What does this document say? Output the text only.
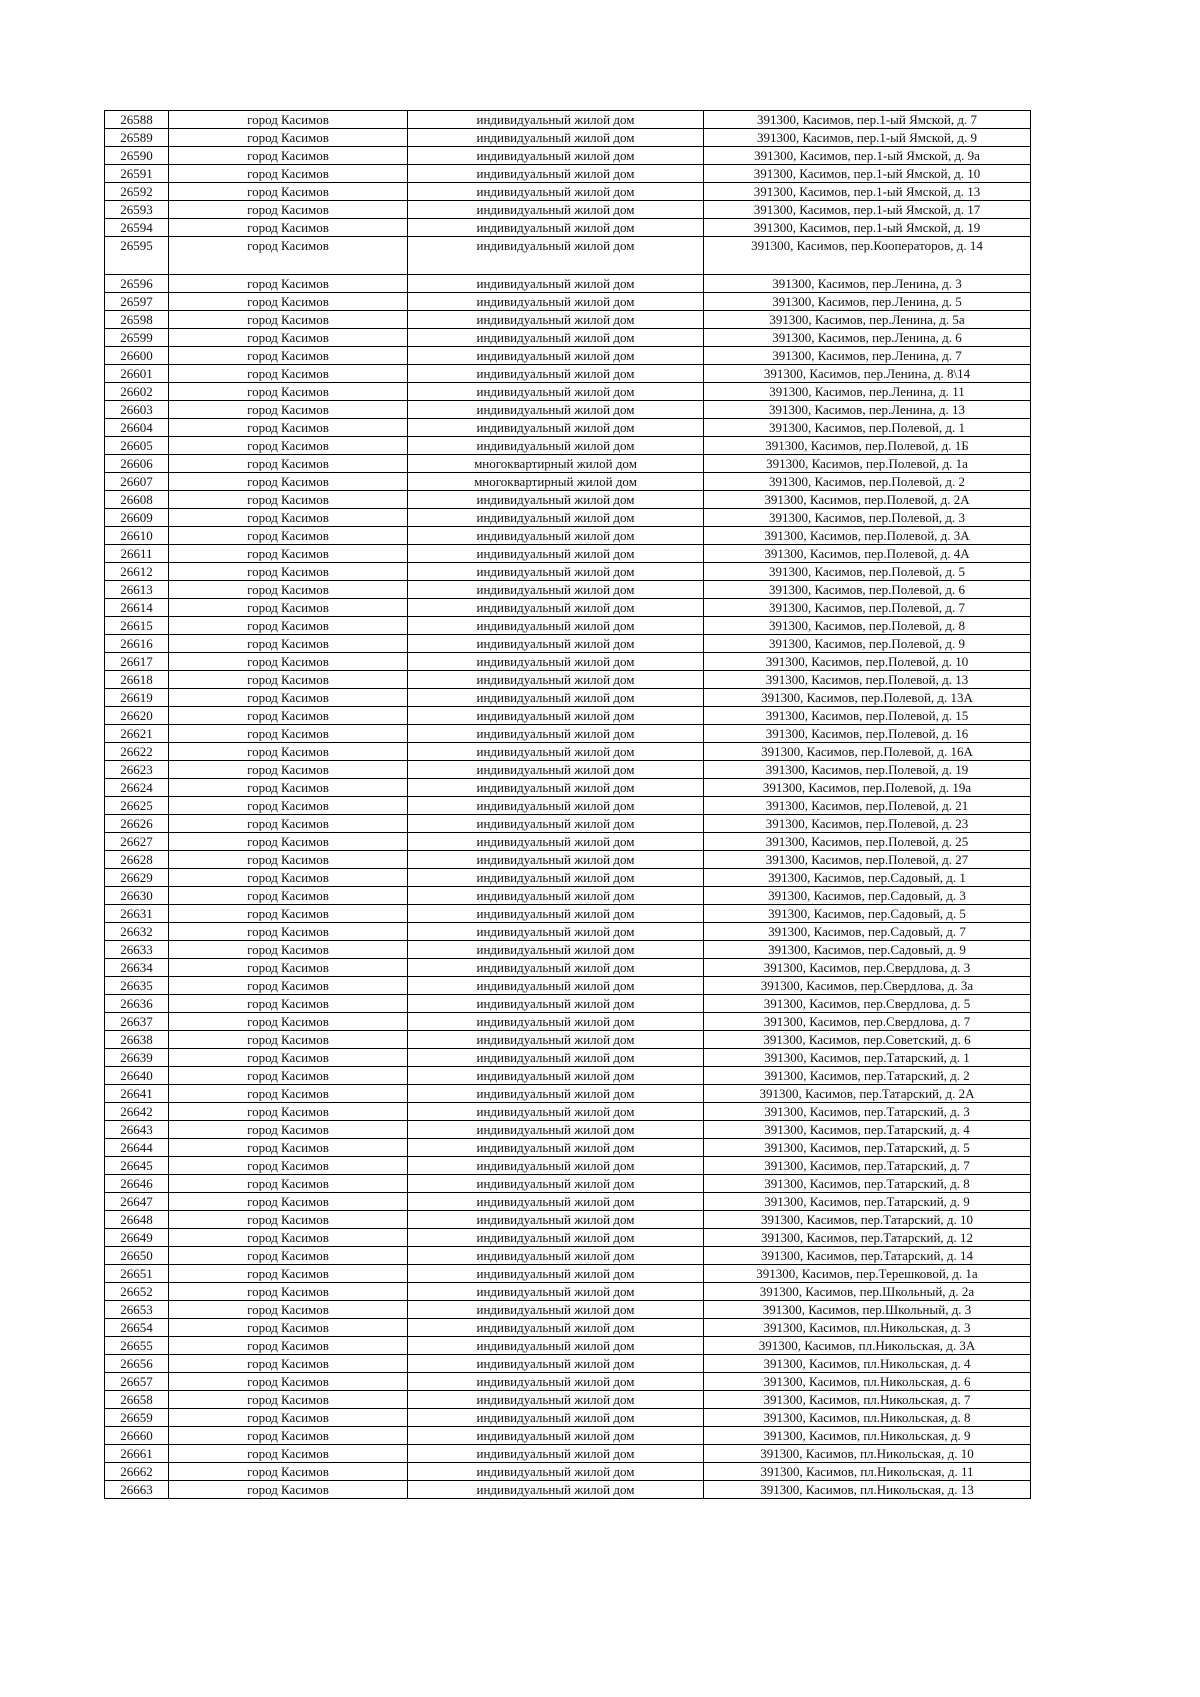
26588	город Касимов	индивидуальный жилой дом	391300, Касимов, пер.1-ый Ямской, д. 7
26589	город Касимов	индивидуальный жилой дом	391300, Касимов, пер.1-ый Ямской, д. 9
26590	город Касимов	индивидуальный жилой дом	391300, Касимов, пер.1-ый Ямской, д. 9а
26591	город Касимов	индивидуальный жилой дом	391300, Касимов, пер.1-ый Ямской, д. 10
26592	город Касимов	индивидуальный жилой дом	391300, Касимов, пер.1-ый Ямской, д. 13
26593	город Касимов	индивидуальный жилой дом	391300, Касимов, пер.1-ый Ямской, д. 17
26594	город Касимов	индивидуальный жилой дом	391300, Касимов, пер.1-ый Ямской, д. 19
26595	город Касимов	индивидуальный жилой дом	391300, Касимов, пер.Кооператоров, д. 14
26596	город Касимов	индивидуальный жилой дом	391300, Касимов, пер.Ленина, д. 3
26597	город Касимов	индивидуальный жилой дом	391300, Касимов, пер.Ленина, д. 5
26598	город Касимов	индивидуальный жилой дом	391300, Касимов, пер.Ленина, д. 5а
26599	город Касимов	индивидуальный жилой дом	391300, Касимов, пер.Ленина, д. 6
26600	город Касимов	индивидуальный жилой дом	391300, Касимов, пер.Ленина, д. 7
26601	город Касимов	индивидуальный жилой дом	391300, Касимов, пер.Ленина, д. 8\14
26602	город Касимов	индивидуальный жилой дом	391300, Касимов, пер.Ленина, д. 11
26603	город Касимов	индивидуальный жилой дом	391300, Касимов, пер.Ленина, д. 13
26604	город Касимов	индивидуальный жилой дом	391300, Касимов, пер.Полевой, д. 1
26605	город Касимов	индивидуальный жилой дом	391300, Касимов, пер.Полевой, д. 1Б
26606	город Касимов	многоквартирный жилой дом	391300, Касимов, пер.Полевой, д. 1а
26607	город Касимов	многоквартирный жилой дом	391300, Касимов, пер.Полевой, д. 2
26608	город Касимов	индивидуальный жилой дом	391300, Касимов, пер.Полевой, д. 2А
26609	город Касимов	индивидуальный жилой дом	391300, Касимов, пер.Полевой, д. 3
26610	город Касимов	индивидуальный жилой дом	391300, Касимов, пер.Полевой, д. 3А
26611	город Касимов	индивидуальный жилой дом	391300, Касимов, пер.Полевой, д. 4А
26612	город Касимов	индивидуальный жилой дом	391300, Касимов, пер.Полевой, д. 5
26613	город Касимов	индивидуальный жилой дом	391300, Касимов, пер.Полевой, д. 6
26614	город Касимов	индивидуальный жилой дом	391300, Касимов, пер.Полевой, д. 7
26615	город Касимов	индивидуальный жилой дом	391300, Касимов, пер.Полевой, д. 8
26616	город Касимов	индивидуальный жилой дом	391300, Касимов, пер.Полевой, д. 9
26617	город Касимов	индивидуальный жилой дом	391300, Касимов, пер.Полевой, д. 10
26618	город Касимов	индивидуальный жилой дом	391300, Касимов, пер.Полевой, д. 13
26619	город Касимов	индивидуальный жилой дом	391300, Касимов, пер.Полевой, д. 13А
26620	город Касимов	индивидуальный жилой дом	391300, Касимов, пер.Полевой, д. 15
26621	город Касимов	индивидуальный жилой дом	391300, Касимов, пер.Полевой, д. 16
26622	город Касимов	индивидуальный жилой дом	391300, Касимов, пер.Полевой, д. 16А
26623	город Касимов	индивидуальный жилой дом	391300, Касимов, пер.Полевой, д. 19
26624	город Касимов	индивидуальный жилой дом	391300, Касимов, пер.Полевой, д. 19а
26625	город Касимов	индивидуальный жилой дом	391300, Касимов, пер.Полевой, д. 21
26626	город Касимов	индивидуальный жилой дом	391300, Касимов, пер.Полевой, д. 23
26627	город Касимов	индивидуальный жилой дом	391300, Касимов, пер.Полевой, д. 25
26628	город Касимов	индивидуальный жилой дом	391300, Касимов, пер.Полевой, д. 27
26629	город Касимов	индивидуальный жилой дом	391300, Касимов, пер.Садовый, д. 1
26630	город Касимов	индивидуальный жилой дом	391300, Касимов, пер.Садовый, д. 3
26631	город Касимов	индивидуальный жилой дом	391300, Касимов, пер.Садовый, д. 5
26632	город Касимов	индивидуальный жилой дом	391300, Касимов, пер.Садовый, д. 7
26633	город Касимов	индивидуальный жилой дом	391300, Касимов, пер.Садовый, д. 9
26634	город Касимов	индивидуальный жилой дом	391300, Касимов, пер.Свердлова, д. 3
26635	город Касимов	индивидуальный жилой дом	391300, Касимов, пер.Свердлова, д. 3а
26636	город Касимов	индивидуальный жилой дом	391300, Касимов, пер.Свердлова, д. 5
26637	город Касимов	индивидуальный жилой дом	391300, Касимов, пер.Свердлова, д. 7
26638	город Касимов	индивидуальный жилой дом	391300, Касимов, пер.Советский, д. 6
26639	город Касимов	индивидуальный жилой дом	391300, Касимов, пер.Татарский, д. 1
26640	город Касимов	индивидуальный жилой дом	391300, Касимов, пер.Татарский, д. 2
26641	город Касимов	индивидуальный жилой дом	391300, Касимов, пер.Татарский, д. 2А
26642	город Касимов	индивидуальный жилой дом	391300, Касимов, пер.Татарский, д. 3
26643	город Касимов	индивидуальный жилой дом	391300, Касимов, пер.Татарский, д. 4
26644	город Касимов	индивидуальный жилой дом	391300, Касимов, пер.Татарский, д. 5
26645	город Касимов	индивидуальный жилой дом	391300, Касимов, пер.Татарский, д. 7
26646	город Касимов	индивидуальный жилой дом	391300, Касимов, пер.Татарский, д. 8
26647	город Касимов	индивидуальный жилой дом	391300, Касимов, пер.Татарский, д. 9
26648	город Касимов	индивидуальный жилой дом	391300, Касимов, пер.Татарский, д. 10
26649	город Касимов	индивидуальный жилой дом	391300, Касимов, пер.Татарский, д. 12
26650	город Касимов	индивидуальный жилой дом	391300, Касимов, пер.Татарский, д. 14
26651	город Касимов	индивидуальный жилой дом	391300, Касимов, пер.Терешковой, д. 1а
26652	город Касимов	индивидуальный жилой дом	391300, Касимов, пер.Школьный, д. 2а
26653	город Касимов	индивидуальный жилой дом	391300, Касимов, пер.Школьный, д. 3
26654	город Касимов	индивидуальный жилой дом	391300, Касимов, пл.Никольская, д. 3
26655	город Касимов	индивидуальный жилой дом	391300, Касимов, пл.Никольская, д. 3А
26656	город Касимов	индивидуальный жилой дом	391300, Касимов, пл.Никольская, д. 4
26657	город Касимов	индивидуальный жилой дом	391300, Касимов, пл.Никольская, д. 6
26658	город Касимов	индивидуальный жилой дом	391300, Касимов, пл.Никольская, д. 7
26659	город Касимов	индивидуальный жилой дом	391300, Касимов, пл.Никольская, д. 8
26660	город Касимов	индивидуальный жилой дом	391300, Касимов, пл.Никольская, д. 9
26661	город Касимов	индивидуальный жилой дом	391300, Касимов, пл.Никольская, д. 10
26662	город Касимов	индивидуальный жилой дом	391300, Касимов, пл.Никольская, д. 11
26663	город Касимов	индивидуальный жилой дом	391300, Касимов, пл.Никольская, д. 13
